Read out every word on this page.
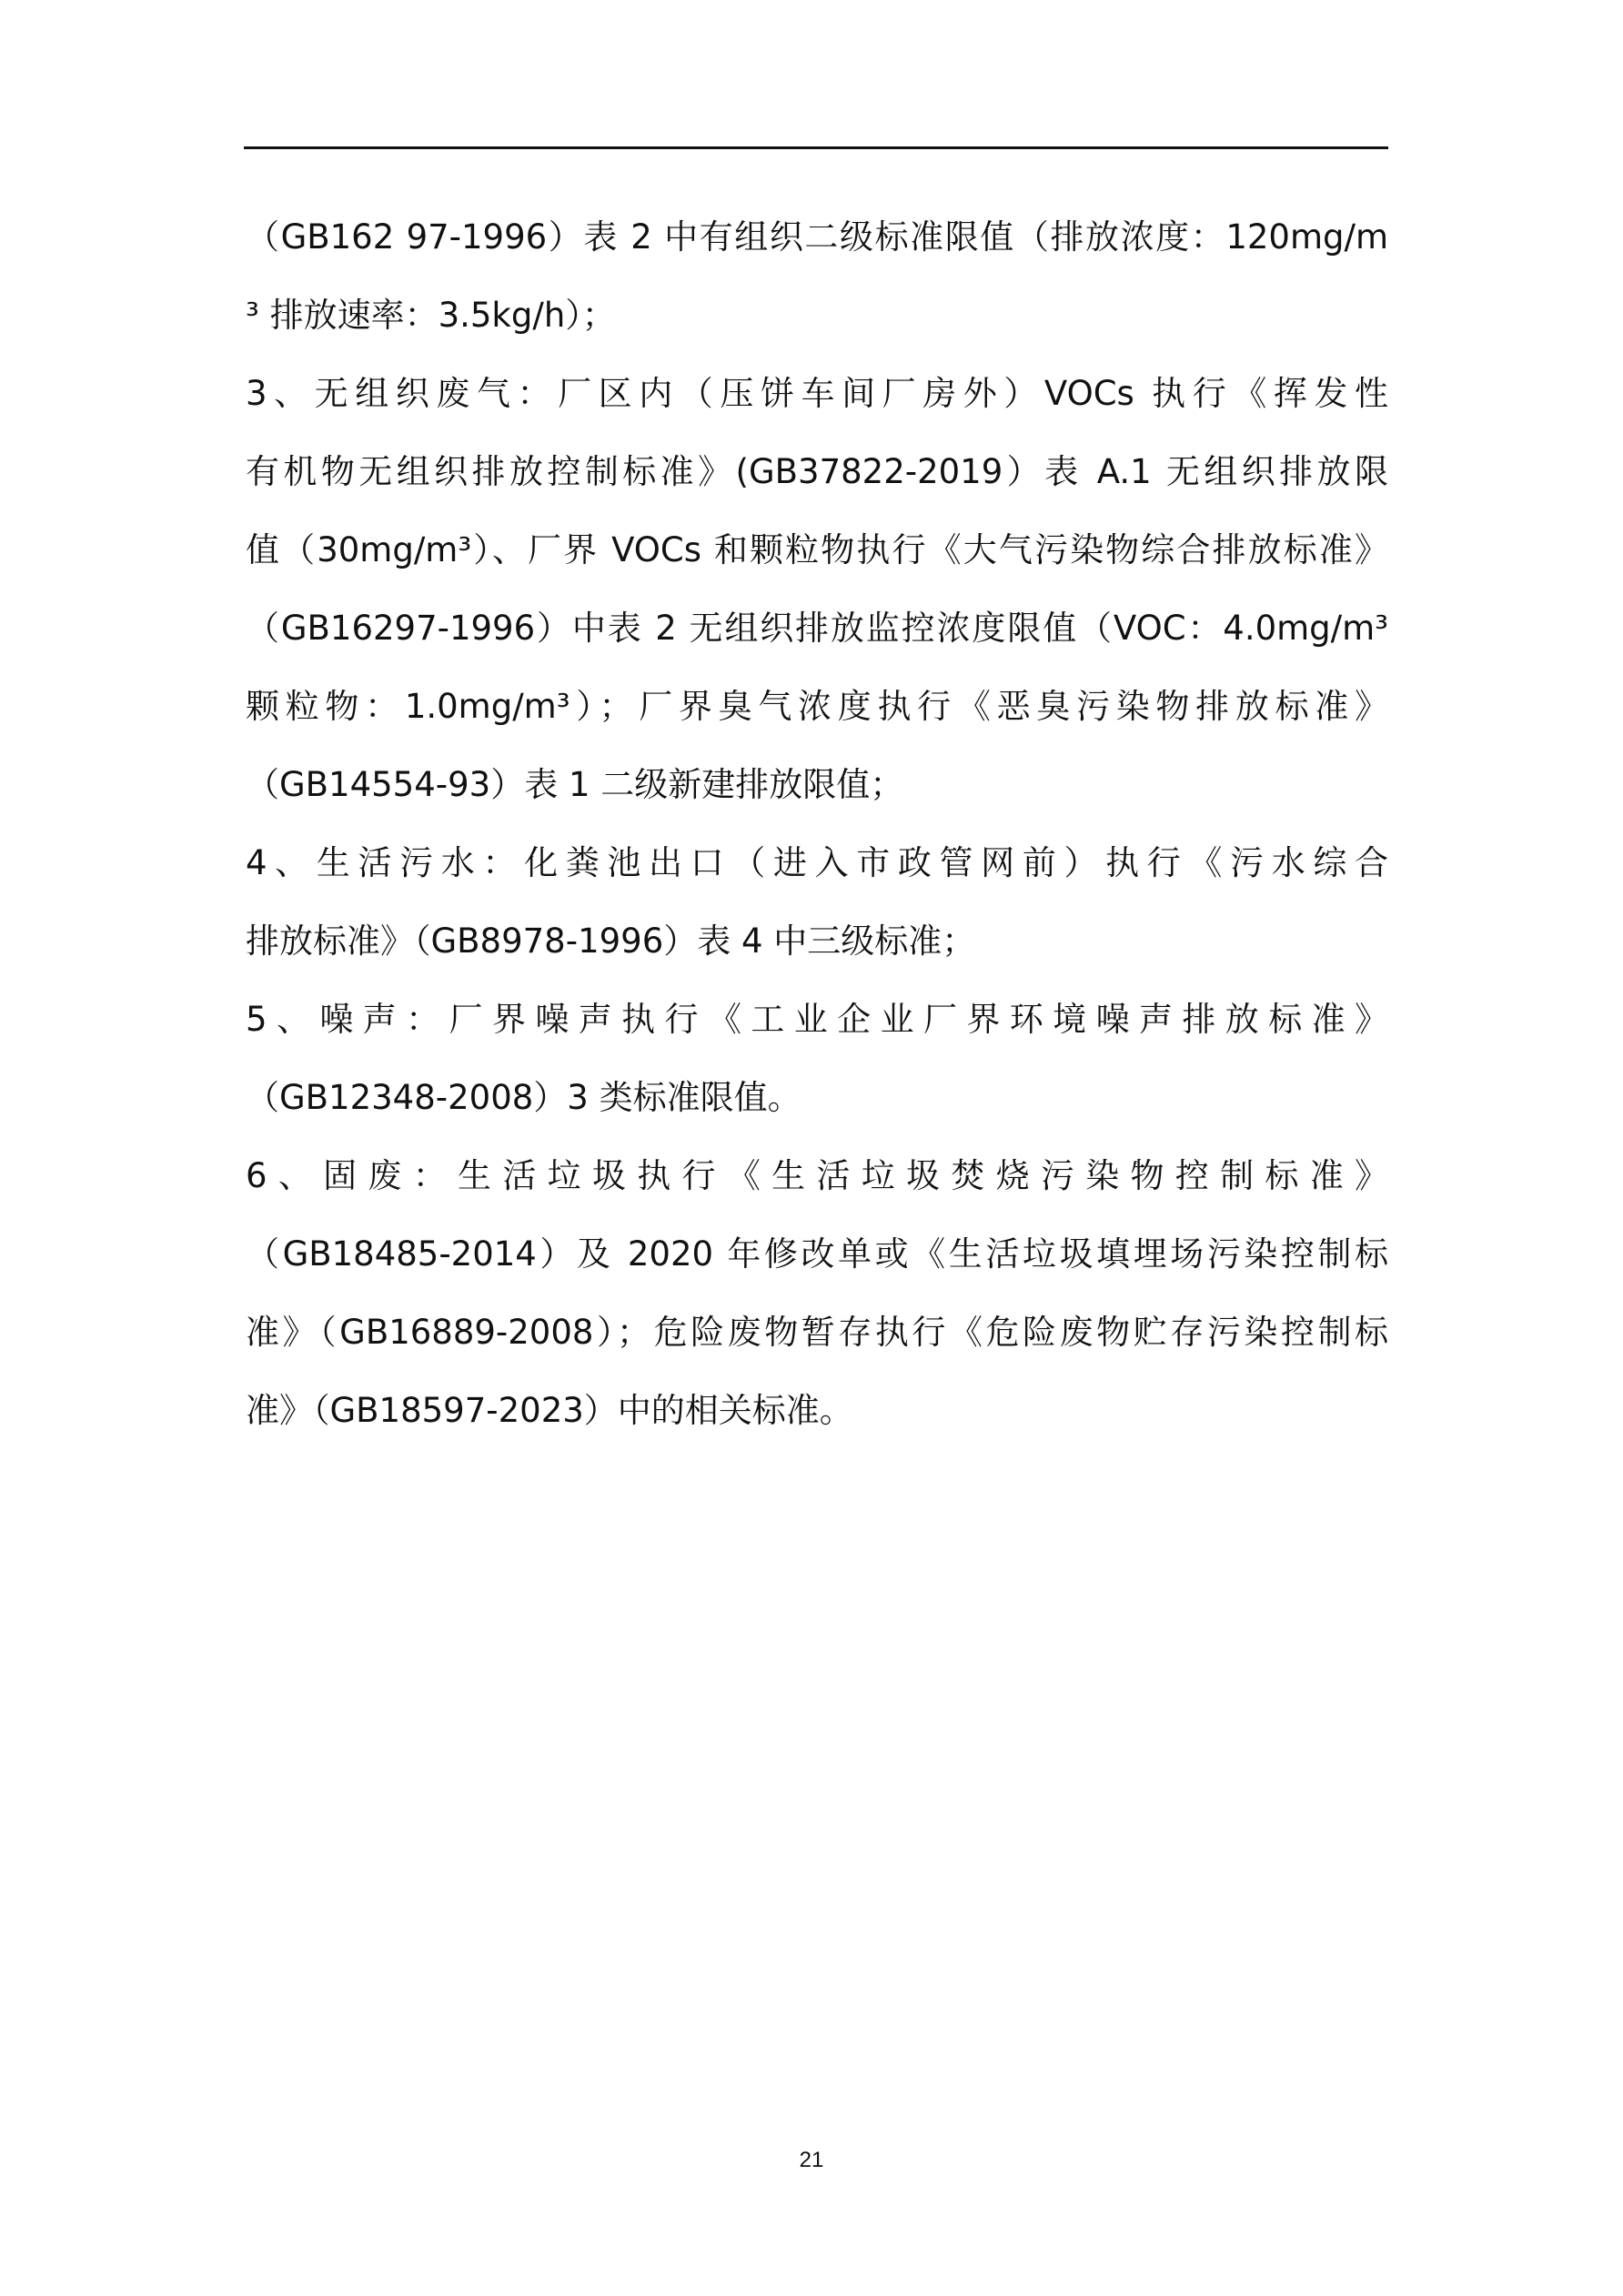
（GB162 97-1996）表 2 中有组织二级标准限值（排放浓度：120mg/m
³ 排放速率：3.5kg/h）；
3、无组织废气：厂区内（压饼车间厂房外）VOCs 执行《挥发性
有机物无组织排放控制标准》(GB37822-2019）表 A.1 无组织排放限
值（30mg/m³）、厂界 VOCs 和颗粒物执行《大气污染物综合排放标准》
（GB16297-1996）中表 2 无组织排放监控浓度限值（VOC：4.0mg/m³
颗粒物：1.0mg/m³）；厂界臭气浓度执行《恶臭污染物排放标准》
（GB14554-93）表 1 二级新建排放限值；
4、生活污水：化粪池出口（进入市政管网前）执行《污水综合
排放标准》（GB8978-1996）表 4 中三级标准；
5、噪声：厂界噪声执行《工业企业厂界环境噪声排放标准》
（GB12348-2008）3 类标准限值。
6、固废：生活垃圾执行《生活垃圾焚烧污染物控制标准》
（GB18485-2014）及 2020 年修改单或《生活垃圾填埋场污染控制标
准》（GB16889-2008）；危险废物暂存执行《危险废物贮存污染控制标
准》（GB18597-2023）中的相关标准。
21
